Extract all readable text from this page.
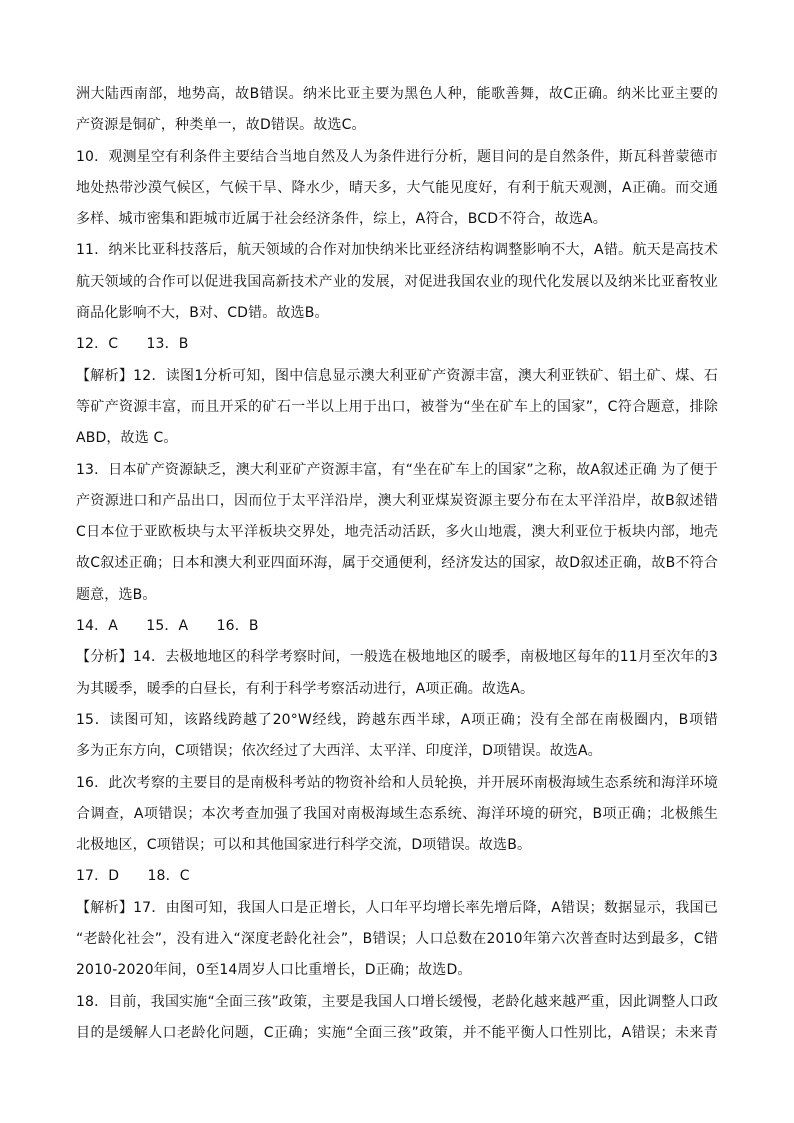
洲大陆西南部，地势高，故B错误。纳米比亚主要为黑色人种，能歌善舞，故C正确。纳米比亚主要的
产资源是铜矿，种类单一，故D错误。故选C。
10．观测星空有利条件主要结合当地自然及人为条件进行分析，题目问的是自然条件，斯瓦科普蒙德市
地处热带沙漠气候区，气候干旱、降水少，晴天多，大气能见度好，有利于航天观测，A正确。而交通
多样、城市密集和距城市近属于社会经济条件，综上，A符合，BCD不符合，故选A。
11．纳米比亚科技落后，航天领域的合作对加快纳米比亚经济结构调整影响不大，A错。航天是高技术
航天领域的合作可以促进我国高新技术产业的发展，对促进我国农业的现代化发展以及纳米比亚畜牧业
商品化影响不大，B对、CD错。故选B。
12．C　　13．B
【解析】12．读图1分析可知，图中信息显示澳大利亚矿产资源丰富，澳大利亚铁矿、铝土矿、煤、石
等矿产资源丰富，而且开采的矿石一半以上用于出口，被誉为“坐在矿车上的国家”，C符合题意，排除
ABD，故选 C。
13．日本矿产资源缺乏，澳大利亚矿产资源丰富，有“坐在矿车上的国家”之称，故A叙述正确 为了便于
产资源进口和产品出口，因而位于太平洋沿岸，澳大利亚煤炭资源主要分布在太平洋沿岸，故B叙述错
C日本位于亚欧板块与太平洋板块交界处，地壳活动活跃，多火山地震，澳大利亚位于板块内部，地壳
故C叙述正确；日本和澳大利亚四面环海，属于交通便利，经济发达的国家，故D叙述正确，故B不符合
题意，选B。
14．A　　15．A　　16．B
【分析】14．去极地地区的科学考察时间，一般选在极地地区的暖季，南极地区每年的11月至次年的3
为其暖季，暖季的白昼长，有利于科学考察活动进行，A项正确。故选A。
15．读图可知，该路线跨越了20°W经线，跨越东西半球，A项正确；没有全部在南极圈内，B项错
多为正东方向，C项错误；依次经过了大西洋、太平洋、印度洋，D项错误。故选A。
16．此次考察的主要目的是南极科考站的物资补给和人员轮换，并开展环南极海域生态系统和海洋环境
合调查，A项错误；本次考查加强了我国对南极海域生态系统、海洋环境的研究，B项正确；北极熊生
北极地区，C项错误；可以和其他国家进行科学交流，D项错误。故选B。
17．D　　18．C
【解析】17．由图可知，我国人口是正增长，人口年平均增长率先增后降，A错误；数据显示，我国已
“老龄化社会”，没有进入“深度老龄化社会”，B错误；人口总数在2010年第六次普查时达到最多，C错
2010-2020年间，0至14周岁人口比重增长，D正确；故选D。
18．目前，我国实施“全面三孩”政策，主要是我国人口增长缓慢，老龄化越来越严重，因此调整人口政
目的是缓解人口老龄化问题，C正确；实施“全面三孩”政策，并不能平衡人口性别比，A错误；未来青
